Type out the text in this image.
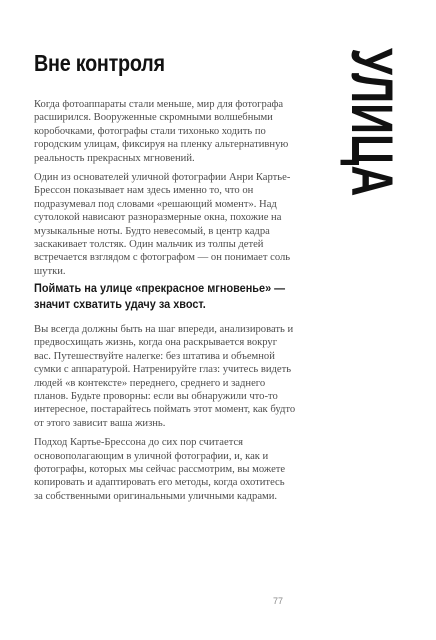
Вне контроля	УЛИЦА

Когда фотоаппараты стали меньше, мир для фотографа расширился. Вооруженные скромными волшебными коробочками, фотографы стали тихонько ходить по городским улицам, фиксируя на пленку альтернативную реальность прекрасных мгновений.

Один из основателей уличной фотографии Анри Картье-Брессон показывает нам здесь именно то, что он подразумевал под словами «решающий момент». Над сутолокой нависают разноразмерные окна, похожие на музыкальные ноты. Будто невесомый, в центр кадра заскакивает толстяк. Один мальчик из толпы детей встречается взглядом с фотографом — он понимает соль шутки.

Поймать на улице «прекрасное мгновенье» —
значит схватить удачу за хвост.

Вы всегда должны быть на шаг впереди, анализировать и предвосхищать жизнь, когда она раскрывается вокруг вас. Путешествуйте налегке: без штатива и объемной сумки с аппаратурой. Натренируйте глаз: учитесь видеть людей «в контексте» переднего, среднего и заднего планов. Будьте проворны: если вы обнаружили что-то интересное, постарайтесь поймать этот момент, как будто от этого зависит ваша жизнь.

Подход Картье-Брессона до сих пор считается основополагающим в уличной фотографии, и, как и фотографы, которых мы сейчас рассмотрим, вы можете копировать и адаптировать его методы, когда охотитесь за собственными оригинальными уличными кадрами.

77
